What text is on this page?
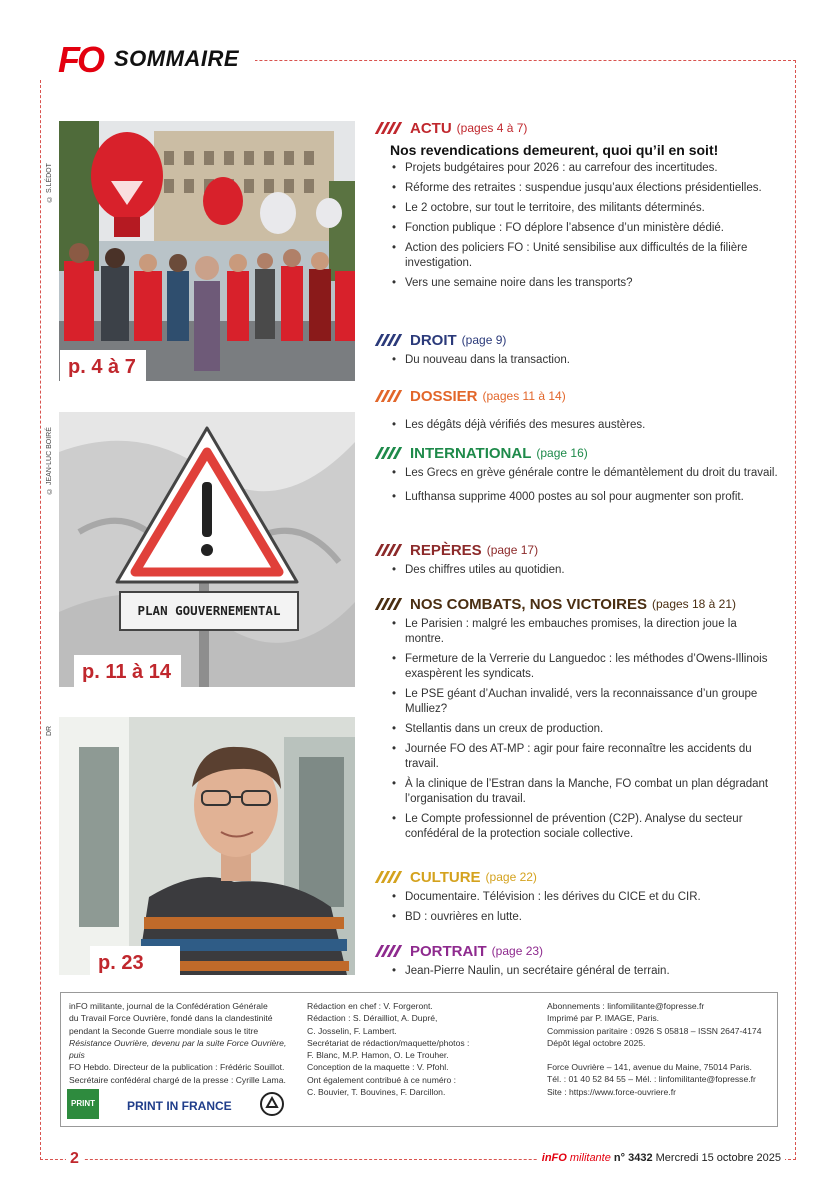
FO SOMMAIRE
© S.LÉDOT
p. 4 à 7
© JEAN-LUC BOIRÉ
PLAN GOUVERNEMENTAL
p. 11 à 14
DR
p. 23
ACTU (pages 4 à 7)
Nos revendications demeurent, quoi qu’il en soit!
• Projets budgétaires pour 2026 : au carrefour des incertitudes.
• Réforme des retraites : suspendue jusqu’aux élections présidentielles.
• Le 2 octobre, sur tout le territoire, des militants déterminés.
• Fonction publique : FO déplore l’absence d’un ministère dédié.
• Action des policiers FO : Unité sensibilise aux difficultés de la filière investigation.
• Vers une semaine noire dans les transports?
DROIT (page 9)
• Du nouveau dans la transaction.
DOSSIER (pages 11 à 14)
• Les dégâts déjà vérifiés des mesures austères.
INTERNATIONAL (page 16)
• Les Grecs en grève générale contre le démantèlement du droit du travail.
• Lufthansa supprime 4000 postes au sol pour augmenter son profit.
REPÈRES (page 17)
• Des chiffres utiles au quotidien.
NOS COMBATS, NOS VICTOIRES (pages 18 à 21)
• Le Parisien : malgré les embauches promises, la direction joue la montre.
• Fermeture de la Verrerie du Languedoc : les méthodes d’Owens-Illinois exaspèrent les syndicats.
• Le PSE géant d’Auchan invalidé, vers la reconnaissance d’un groupe Mulliez?
• Stellantis dans un creux de production.
• Journée FO des AT-MP : agir pour faire reconnaître les accidents du travail.
• À la clinique de l’Estran dans la Manche, FO combat un plan dégradant l’organisation du travail.
• Le Compte professionnel de prévention (C2P). Analyse du secteur confédéral de la protection sociale collective.
CULTURE (page 22)
• Documentaire. Télévision : les dérives du CICE et du CIR.
• BD : ouvrières en lutte.
PORTRAIT (page 23)
• Jean-Pierre Naulin, un secrétaire général de terrain.
inFO militante, journal de la Confédération Générale
du Travail Force Ouvrière, fondé dans la clandestinité
pendant la Seconde Guerre mondiale sous le titre
Résistance Ouvrière, devenu par la suite Force Ouvrière, puis
FO Hebdo. Directeur de la publication : Frédéric Souillot.
Secrétaire confédéral chargé de la presse : Cyrille Lama.
Rédaction en chef : V. Forgeront.
Rédaction : S. Dérailliot, A. Dupré,
C. Josselin, F. Lambert.
Secrétariat de rédaction/maquette/photos :
F. Blanc, M.P. Hamon, O. Le Trouher.
Conception de la maquette : V. Pfohl.
Ont également contribué à ce numéro :
C. Bouvier, T. Bouvines, F. Darcillon.
Abonnements : linfomilitante@fopresse.fr
Imprimé par P. IMAGE, Paris.
Commission paritaire : 0926 S 05818 – ISSN 2647-4174
Dépôt légal octobre 2025.
Force Ouvrière – 141, avenue du Maine, 75014 Paris.
Tél. : 01 40 52 84 55 – Mél. : linfomilitante@fopresse.fr
Site : https://www.force-ouvriere.fr
PRINT	PRINT IN FRANCE
2	inFO militante n° 3432 Mercredi 15 octobre 2025
